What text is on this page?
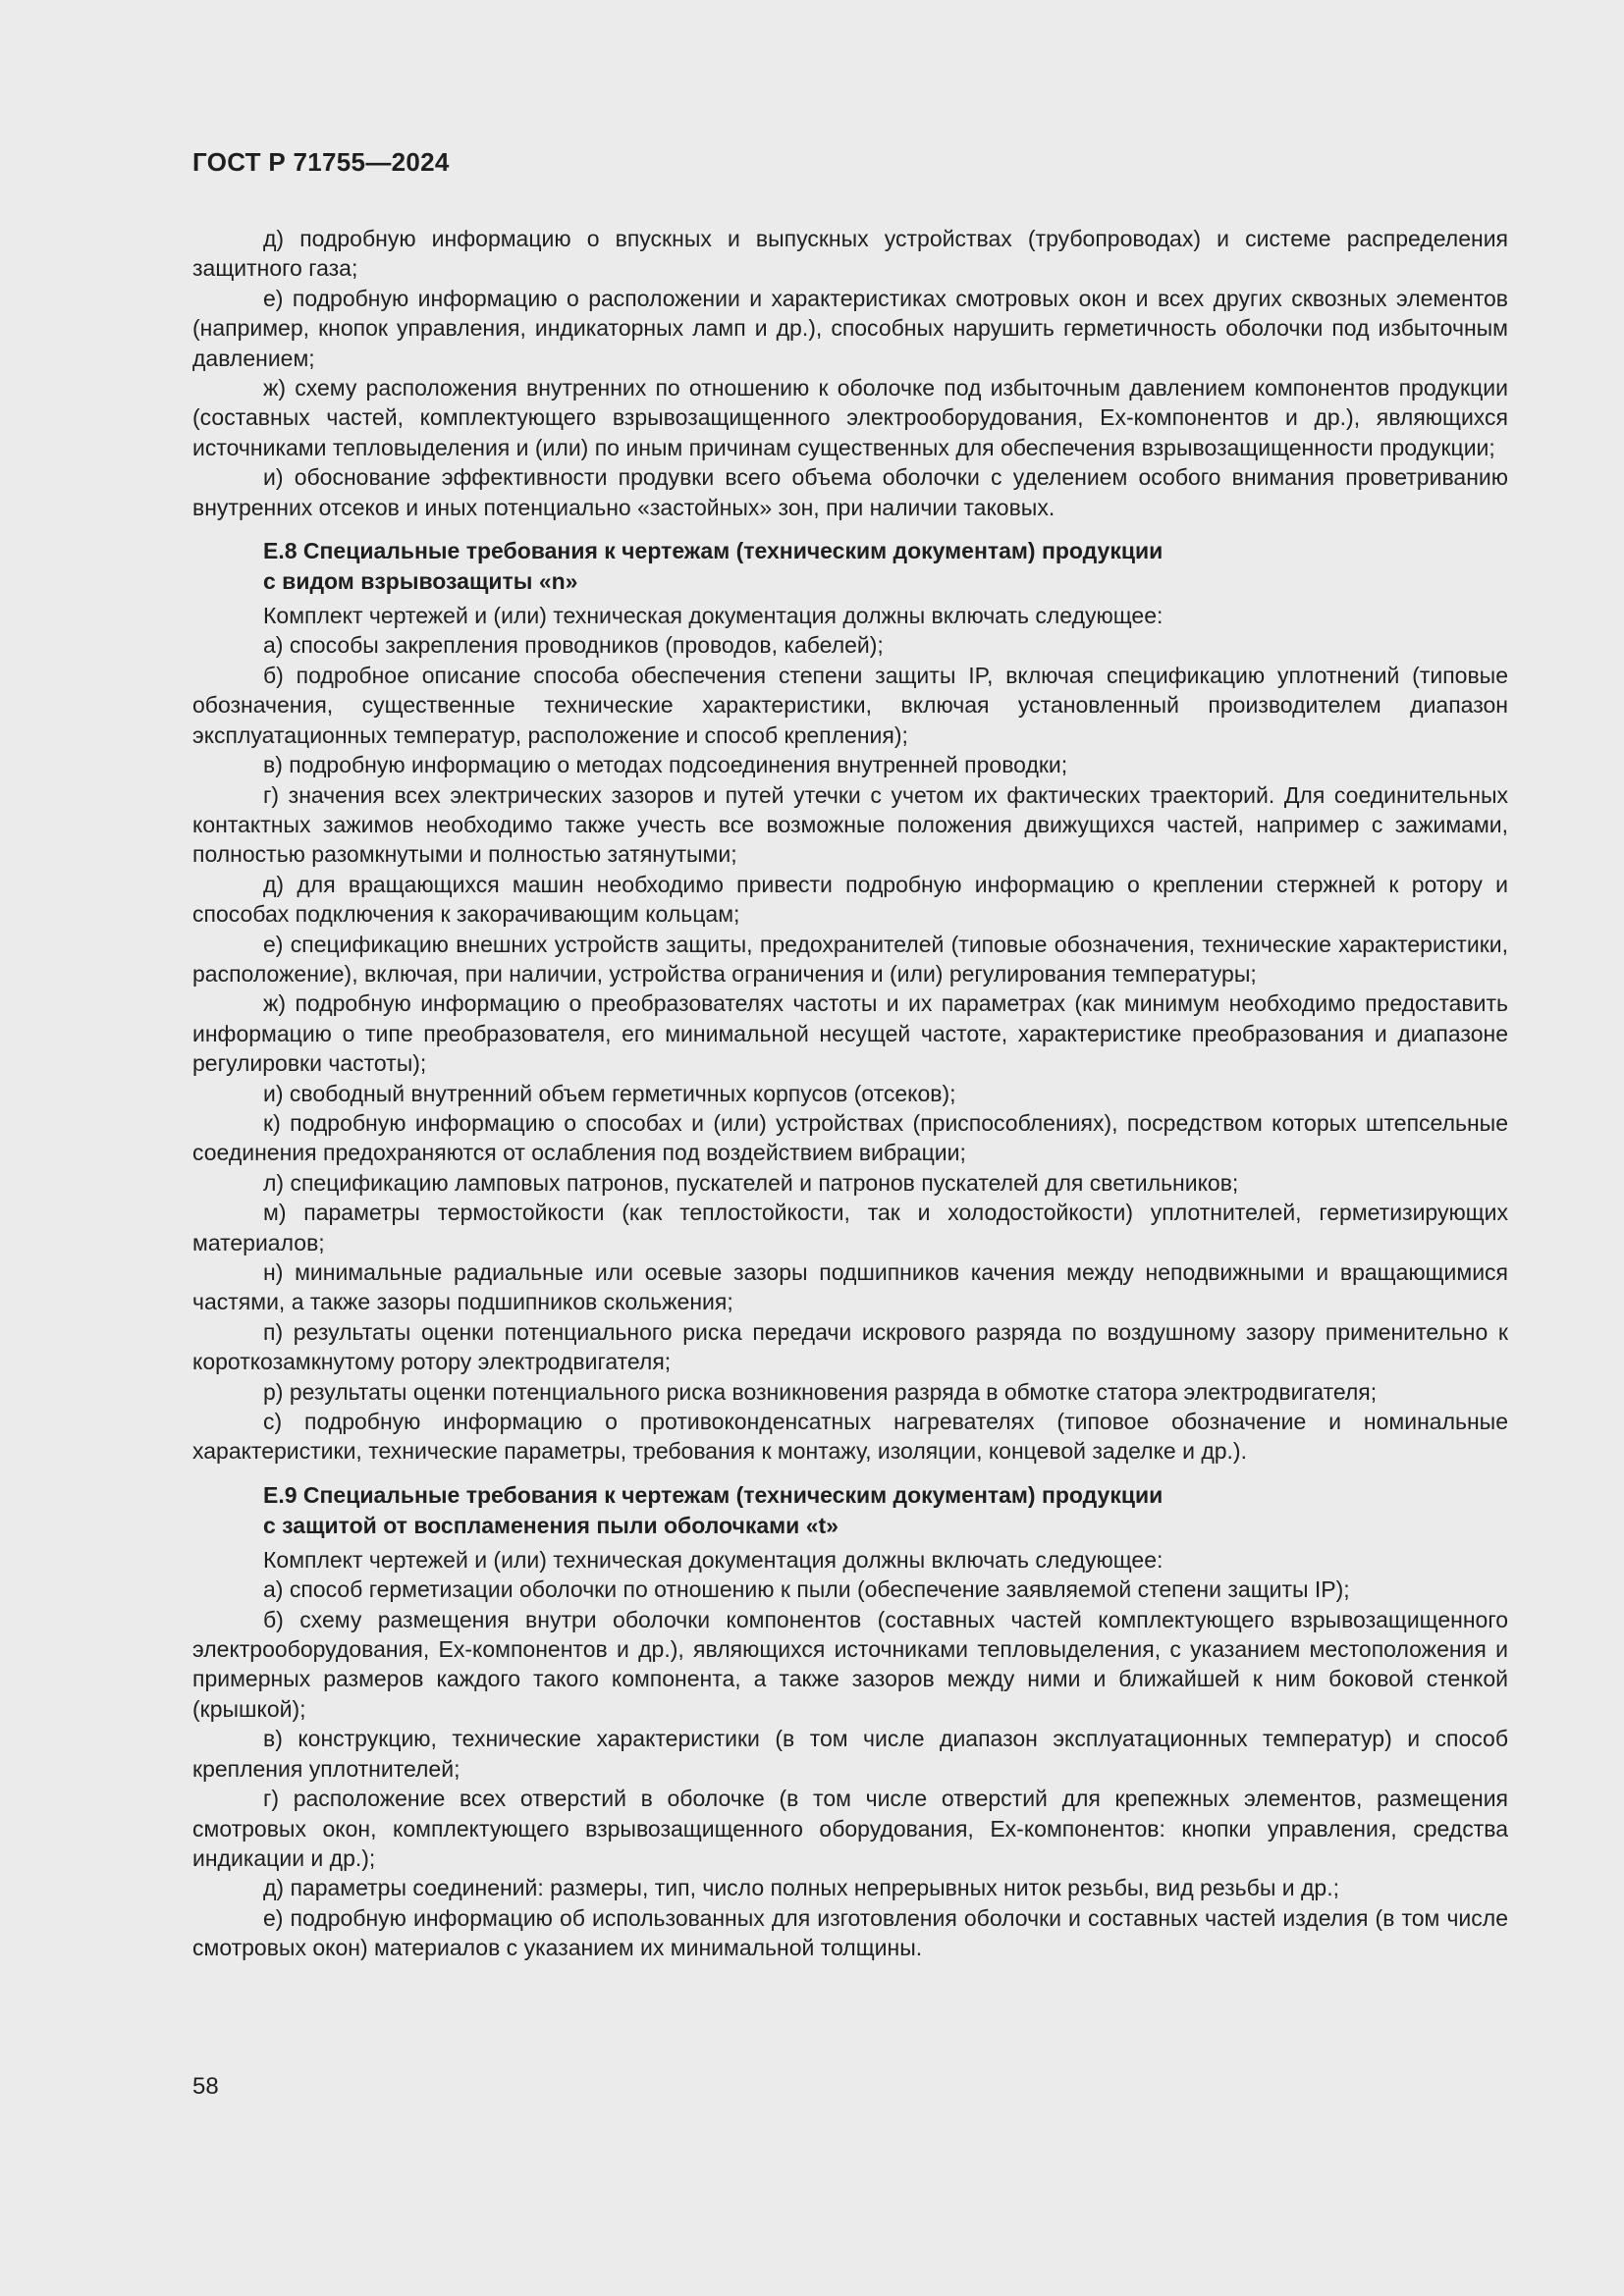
ГОСТ Р 71755—2024

д) подробную информацию о впускных и выпускных устройствах (трубопроводах) и системе распределения защитного газа;

е) подробную информацию о расположении и характеристиках смотровых окон и всех других сквозных элементов (например, кнопок управления, индикаторных ламп и др.), способных нарушить герметичность оболочки под избыточным давлением;

ж) схему расположения внутренних по отношению к оболочке под избыточным давлением компонентов продукции (составных частей, комплектующего взрывозащищенного электрооборудования, Ex-компонентов и др.), являющихся источниками тепловыделения и (или) по иным причинам существенных для обеспечения взрывозащищенности продукции;

и) обоснование эффективности продувки всего объема оболочки с уделением особого внимания проветриванию внутренних отсеков и иных потенциально «застойных» зон, при наличии таковых.

Е.8 Специальные требования к чертежам (техническим документам) продукции
с видом взрывозащиты «n»

Комплект чертежей и (или) техническая документация должны включать следующее:

а) способы закрепления проводников (проводов, кабелей);

б) подробное описание способа обеспечения степени защиты IP, включая спецификацию уплотнений (типовые обозначения, существенные технические характеристики, включая установленный производителем диапазон эксплуатационных температур, расположение и способ крепления);

в) подробную информацию о методах подсоединения внутренней проводки;

г) значения всех электрических зазоров и путей утечки с учетом их фактических траекторий. Для соединительных контактных зажимов необходимо также учесть все возможные положения движущихся частей, например с зажимами, полностью разомкнутыми и полностью затянутыми;

д) для вращающихся машин необходимо привести подробную информацию о креплении стержней к ротору и способах подключения к закорачивающим кольцам;

е) спецификацию внешних устройств защиты, предохранителей (типовые обозначения, технические характеристики, расположение), включая, при наличии, устройства ограничения и (или) регулирования температуры;

ж) подробную информацию о преобразователях частоты и их параметрах (как минимум необходимо предоставить информацию о типе преобразователя, его минимальной несущей частоте, характеристике преобразования и диапазоне регулировки частоты);

и) свободный внутренний объем герметичных корпусов (отсеков);

к) подробную информацию о способах и (или) устройствах (приспособлениях), посредством которых штепсельные соединения предохраняются от ослабления под воздействием вибрации;

л) спецификацию ламповых патронов, пускателей и патронов пускателей для светильников;

м) параметры термостойкости (как теплостойкости, так и холодостойкости) уплотнителей, герметизирующих материалов;

н) минимальные радиальные или осевые зазоры подшипников качения между неподвижными и вращающимися частями, а также зазоры подшипников скольжения;

п) результаты оценки потенциального риска передачи искрового разряда по воздушному зазору применительно к короткозамкнутому ротору электродвигателя;

р) результаты оценки потенциального риска возникновения разряда в обмотке статора электродвигателя;

с) подробную информацию о противоконденсатных нагревателях (типовое обозначение и номинальные характеристики, технические параметры, требования к монтажу, изоляции, концевой заделке и др.).

Е.9 Специальные требования к чертежам (техническим документам) продукции
с защитой от воспламенения пыли оболочками «t»

Комплект чертежей и (или) техническая документация должны включать следующее:

а) способ герметизации оболочки по отношению к пыли (обеспечение заявляемой степени защиты IP);

б) схему размещения внутри оболочки компонентов (составных частей комплектующего взрывозащищенного электрооборудования, Ex-компонентов и др.), являющихся источниками тепловыделения, с указанием местоположения и примерных размеров каждого такого компонента, а также зазоров между ними и ближайшей к ним боковой стенкой (крышкой);

в) конструкцию, технические характеристики (в том числе диапазон эксплуатационных температур) и способ крепления уплотнителей;

г) расположение всех отверстий в оболочке (в том числе отверстий для крепежных элементов, размещения смотровых окон, комплектующего взрывозащищенного оборудования, Ex-компонентов: кнопки управления, средства индикации и др.);

д) параметры соединений: размеры, тип, число полных непрерывных ниток резьбы, вид резьбы и др.;

е) подробную информацию об использованных для изготовления оболочки и составных частей изделия (в том числе смотровых окон) материалов с указанием их минимальной толщины.

58
